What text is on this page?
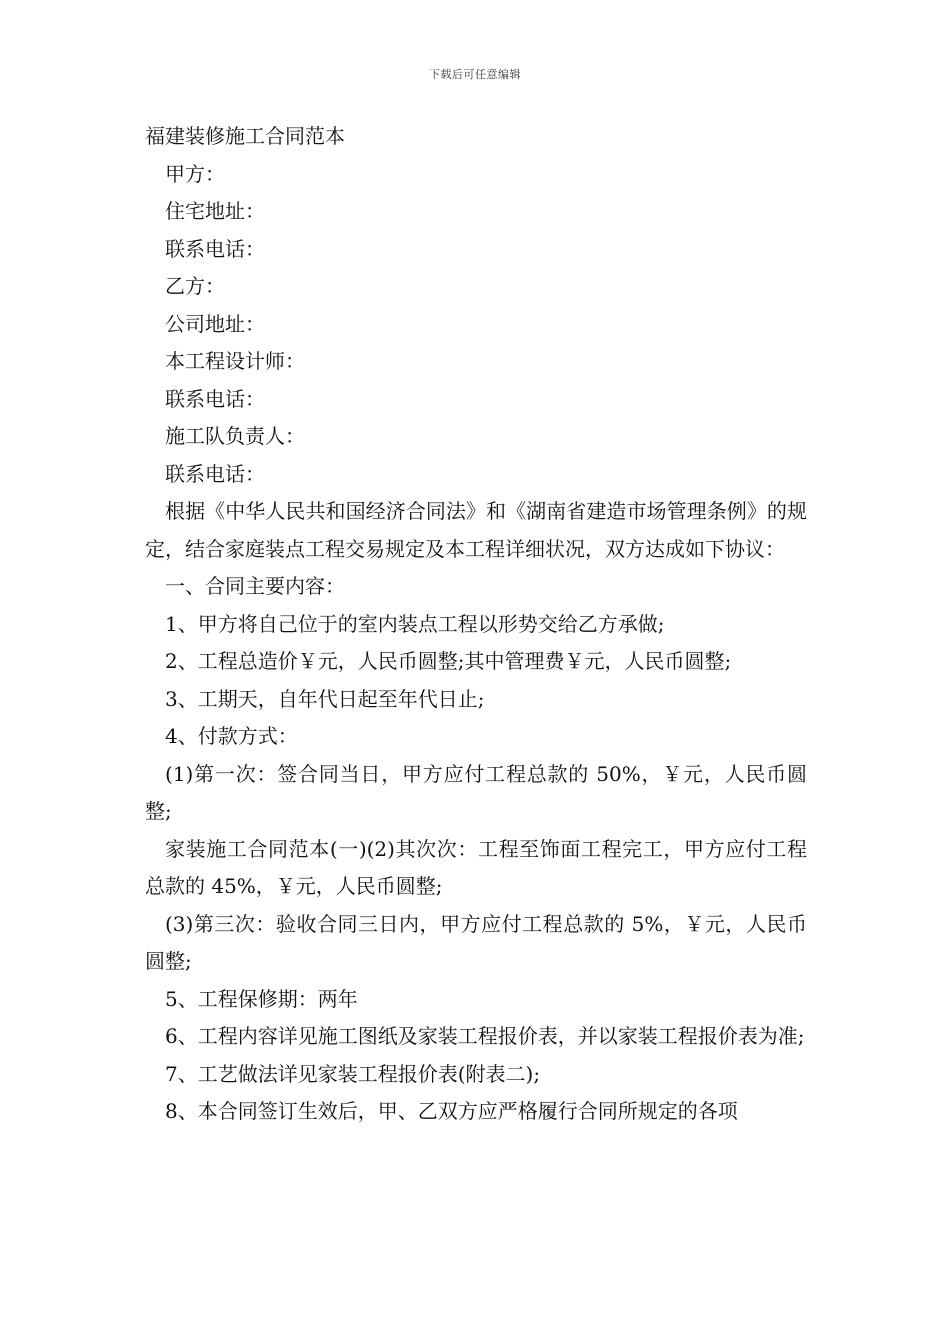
下载后可任意编辑
福建装修施工合同范本

甲方：

住宅地址：

联系电话：

乙方：

公司地址：

本工程设计师：

联系电话：

施工队负责人：

联系电话：

根据《中华人民共和国经济合同法》和《湖南省建造市场管理条例》的规定，结合家庭装点工程交易规定及本工程详细状况，双方达成如下协议：

一、合同主要内容：

1、甲方将自己位于的室内装点工程以形势交给乙方承做;

2、工程总造价￥元，人民币圆整;其中管理费￥元，人民币圆整;

3、工期天，自年代日起至年代日止;

4、付款方式：

(1)第一次：签合同当日，甲方应付工程总款的 50%，￥元，人民币圆整;

家装施工合同范本(一)(2)其次次：工程至饰面工程完工，甲方应付工程总款的 45%，￥元，人民币圆整;

(3)第三次：验收合同三日内，甲方应付工程总款的 5%，￥元，人民币圆整;

5、工程保修期：两年

6、工程内容详见施工图纸及家装工程报价表，并以家装工程报价表为准;

7、工艺做法详见家装工程报价表(附表二);

8、本合同签订生效后，甲、乙双方应严格履行合同所规定的各项
